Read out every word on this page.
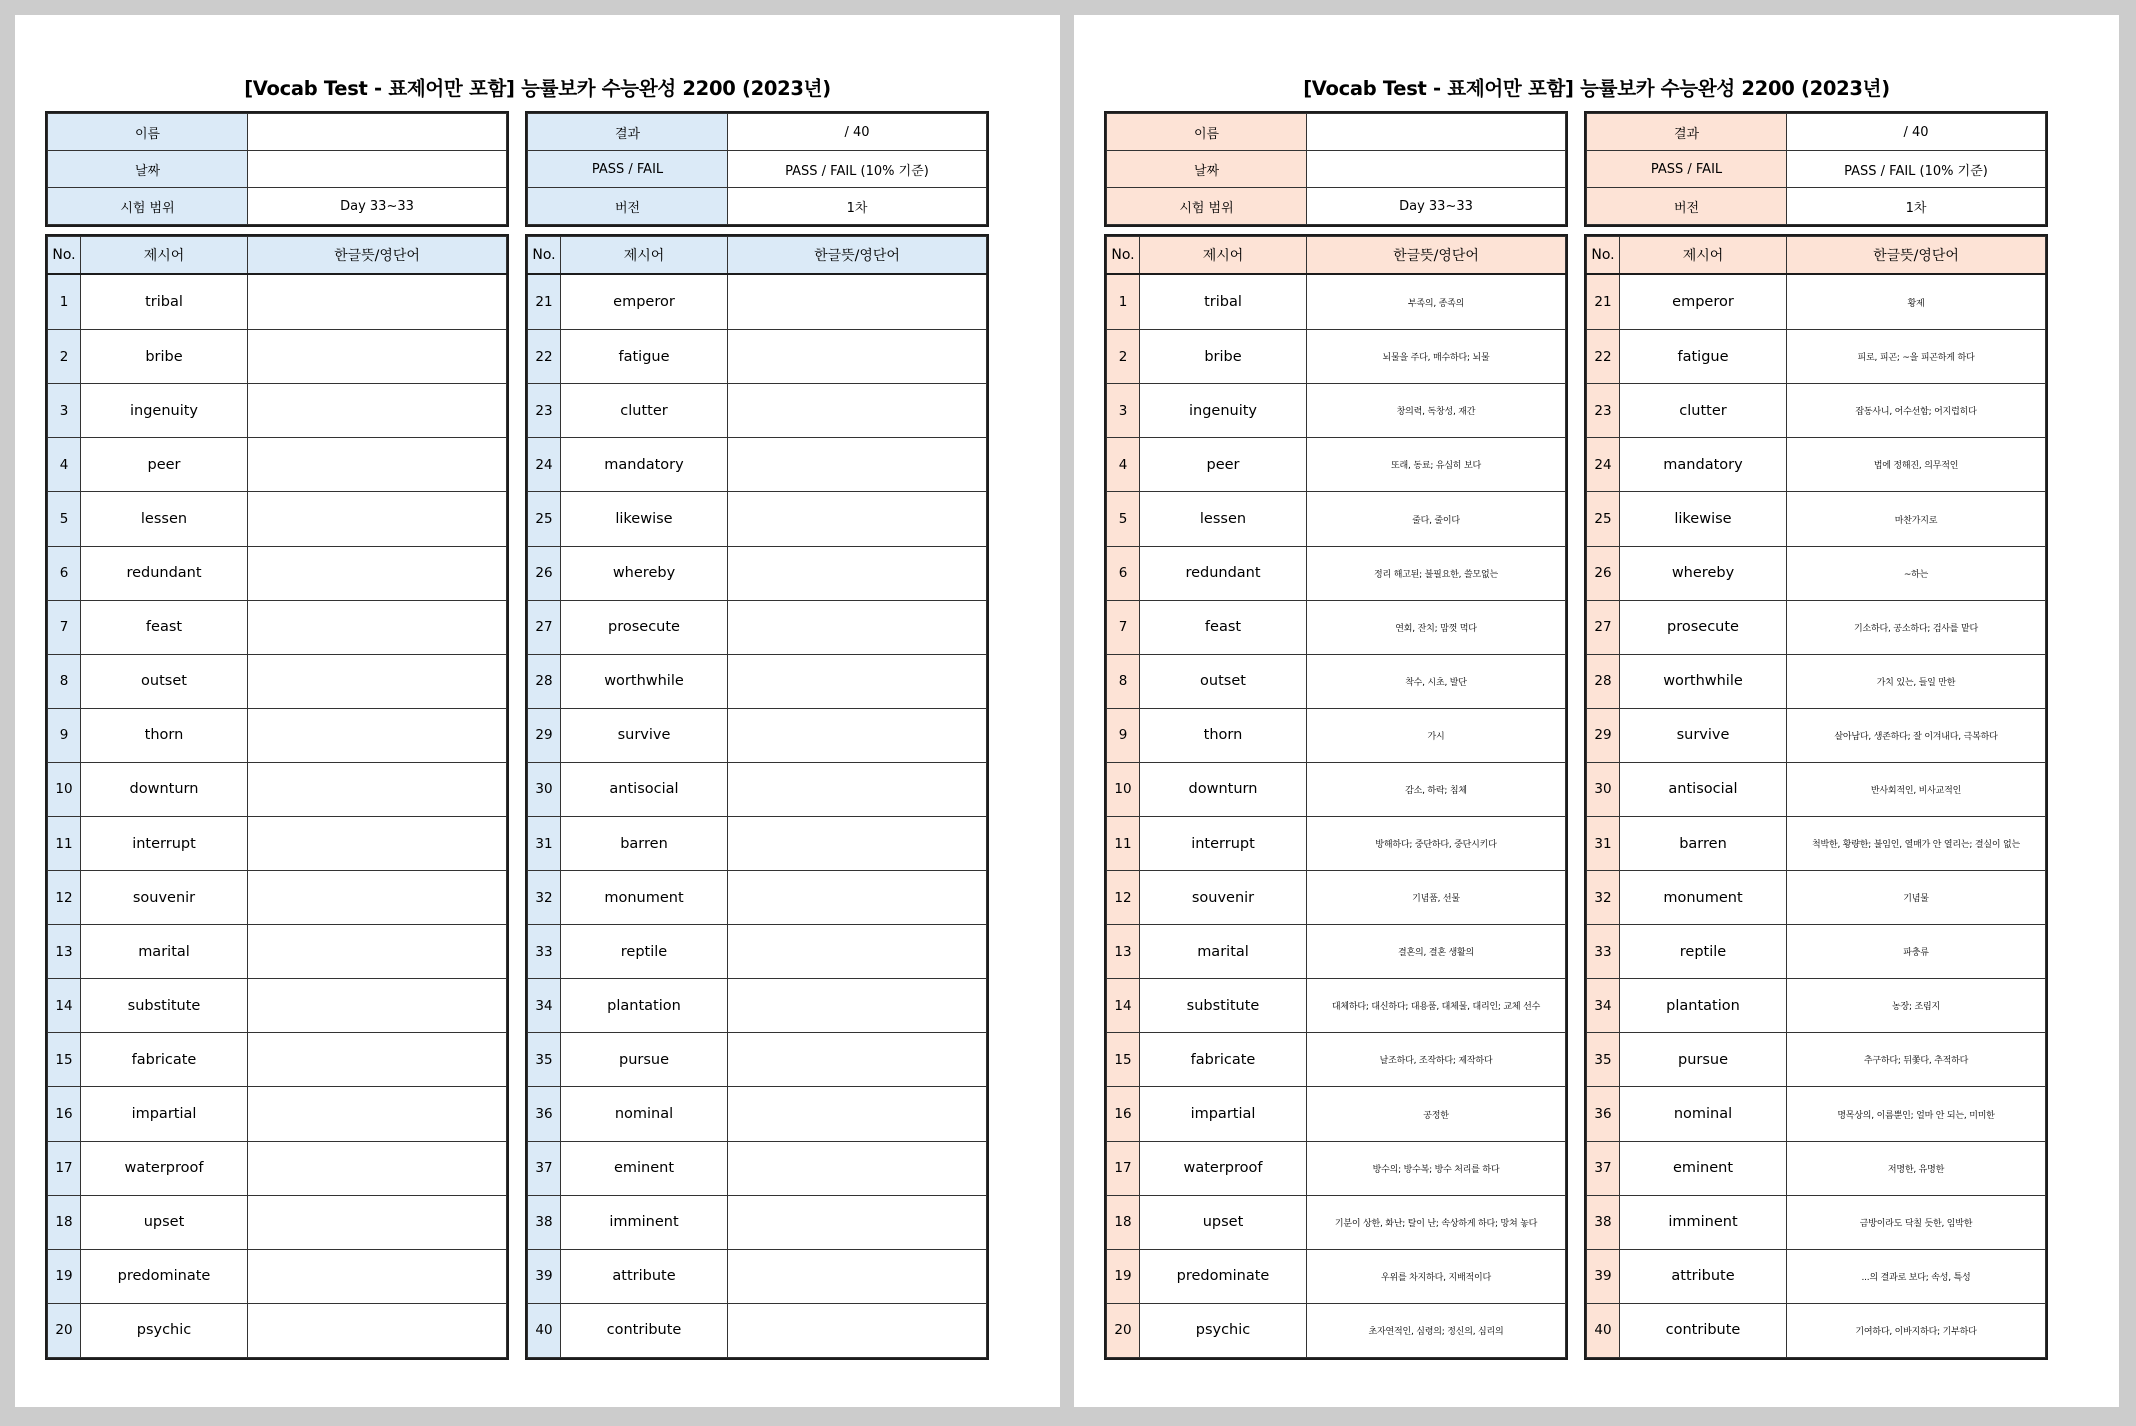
[Vocab Test - 표제어만 포함] 능률보카 수능완성 2200 (2023년)
이름	
날짜	
시험 범위	Day 33~33
결과	/ 40
PASS / FAIL	PASS / FAIL (10% 기준)
버전	1차
No.	제시어	한글뜻/영단어
1	tribal	
2	bribe	
3	ingenuity	
4	peer	
5	lessen	
6	redundant	
7	feast	
8	outset	
9	thorn	
10	downturn	
11	interrupt	
12	souvenir	
13	marital	
14	substitute	
15	fabricate	
16	impartial	
17	waterproof	
18	upset	
19	predominate	
20	psychic	
No.	제시어	한글뜻/영단어
21	emperor	
22	fatigue	
23	clutter	
24	mandatory	
25	likewise	
26	whereby	
27	prosecute	
28	worthwhile	
29	survive	
30	antisocial	
31	barren	
32	monument	
33	reptile	
34	plantation	
35	pursue	
36	nominal	
37	eminent	
38	imminent	
39	attribute	
40	contribute	
[Vocab Test - 표제어만 포함] 능률보카 수능완성 2200 (2023년)
이름	
날짜	
시험 범위	Day 33~33
결과	/ 40
PASS / FAIL	PASS / FAIL (10% 기준)
버전	1차
No.	제시어	한글뜻/영단어
1	tribal	부족의, 종족의
2	bribe	뇌물을 주다, 매수하다; 뇌물
3	ingenuity	창의력, 독창성, 재간
4	peer	또래, 동료; 유심히 보다
5	lessen	줄다, 줄이다
6	redundant	정리 해고된; 불필요한, 쓸모없는
7	feast	연회, 잔치; 맘껏 먹다
8	outset	착수, 시초, 발단
9	thorn	가시
10	downturn	감소, 하락; 침체
11	interrupt	방해하다; 중단하다, 중단시키다
12	souvenir	기념품, 선물
13	marital	결혼의, 결혼 생활의
14	substitute	대체하다; 대신하다; 대용품, 대체물, 대리인; 교체 선수
15	fabricate	날조하다, 조작하다; 제작하다
16	impartial	공정한
17	waterproof	방수의; 방수복; 방수 처리를 하다
18	upset	기분이 상한, 화난; 탈이 난; 속상하게 하다; 망쳐 놓다
19	predominate	우위를 차지하다, 지배적이다
20	psychic	초자연적인, 심령의; 정신의, 심리의
No.	제시어	한글뜻/영단어
21	emperor	황제
22	fatigue	피로, 피곤; ~을 피곤하게 하다
23	clutter	잡동사니, 어수선함; 어지럽히다
24	mandatory	법에 정해진, 의무적인
25	likewise	마찬가지로
26	whereby	~하는
27	prosecute	기소하다, 공소하다; 검사를 맡다
28	worthwhile	가치 있는, 들일 만한
29	survive	살아남다, 생존하다; 잘 이겨내다, 극복하다
30	antisocial	반사회적인, 비사교적인
31	barren	척박한, 황량한; 불임인, 열매가 안 열리는; 결실이 없는
32	monument	기념물
33	reptile	파충류
34	plantation	농장; 조림지
35	pursue	추구하다; 뒤쫓다, 추적하다
36	nominal	명목상의, 이름뿐인; 얼마 안 되는, 미미한
37	eminent	저명한, 유명한
38	imminent	금방이라도 닥칠 듯한, 임박한
39	attribute	...의 결과로 보다; 속성, 특성
40	contribute	기여하다, 이바지하다; 기부하다
